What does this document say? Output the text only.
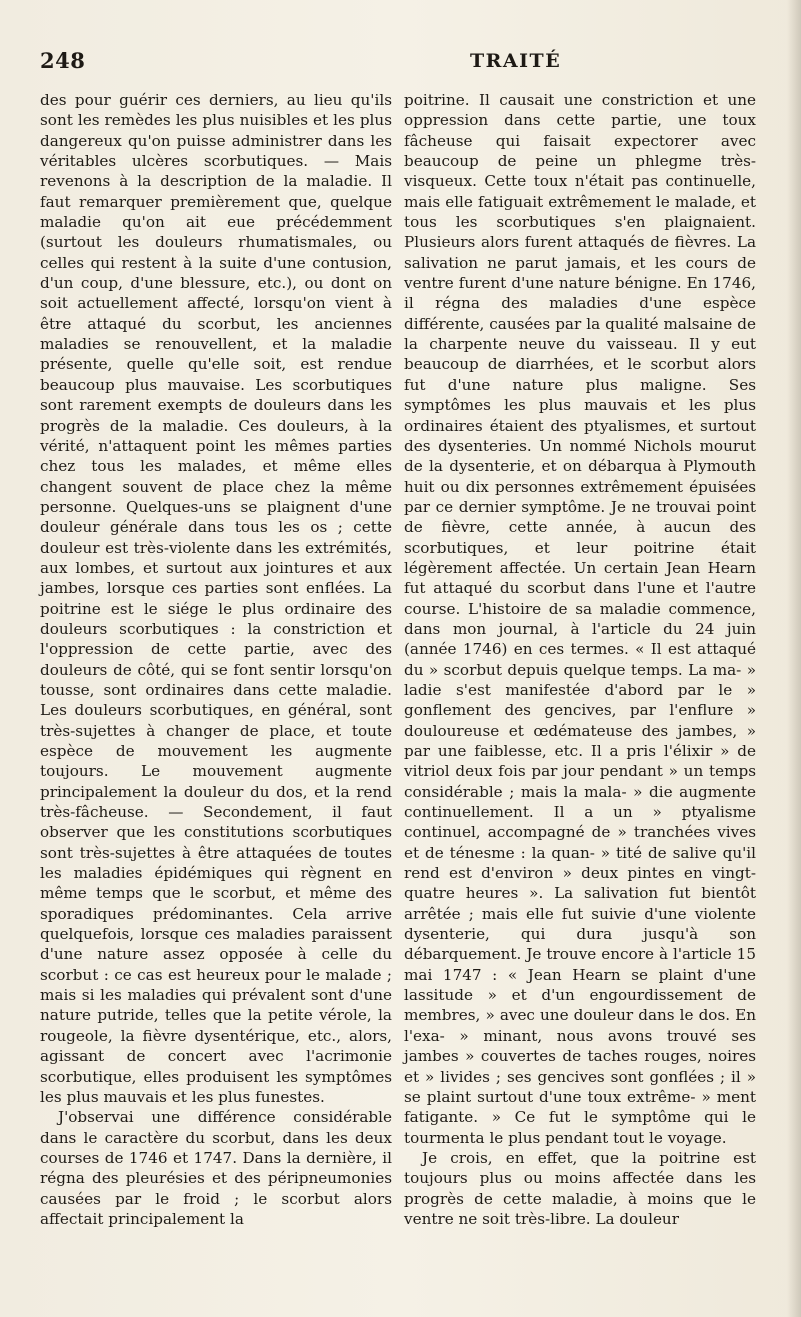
248	TRAITÉ

des pour guérir ces derniers, au lieu qu'ils sont les remèdes les plus nuisibles et les plus dangereux qu'on puisse administrer dans les véritables ulcères scorbutiques. — Mais revenons à la description de la maladie. Il faut remarquer premièrement que, quelque maladie qu'on ait eue précédemment (surtout les douleurs rhumatismales, ou celles qui restent à la suite d'une contusion, d'un coup, d'une blessure, etc.), ou dont on soit actuellement affecté, lorsqu'on vient à être attaqué du scorbut, les anciennes maladies se renouvellent, et la maladie présente, quelle qu'elle soit, est rendue beaucoup plus mauvaise. Les scorbutiques sont rarement exempts de douleurs dans les progrès de la maladie. Ces douleurs, à la vérité, n'attaquent point les mêmes parties chez tous les malades, et même elles changent souvent de place chez la même personne. Quelques-uns se plaignent d'une douleur générale dans tous les os ; cette douleur est très-violente dans les extrémités, aux lombes, et surtout aux jointures et aux jambes, lorsque ces parties sont enflées. La poitrine est le siége le plus ordinaire des douleurs scorbutiques : la constriction et l'oppression de cette partie, avec des douleurs de côté, qui se font sentir lorsqu'on tousse, sont ordinaires dans cette maladie. Les douleurs scorbutiques, en général, sont très-sujettes à changer de place, et toute espèce de mouvement les augmente toujours. Le mouvement augmente principalement la douleur du dos, et la rend très-fâcheuse. — Secondement, il faut observer que les constitutions scorbutiques sont très-sujettes à être attaquées de toutes les maladies épidémiques qui règnent en même temps que le scorbut, et même des sporadiques prédominantes. Cela arrive quelquefois, lorsque ces maladies paraissent d'une nature assez opposée à celle du scorbut : ce cas est heureux pour le malade ; mais si les maladies qui prévalent sont d'une nature putride, telles que la petite vérole, la rougeole, la fièvre dysentérique, etc., alors, agissant de concert avec l'acrimonie scorbutique, elles produisent les symptômes les plus mauvais et les plus funestes.

J'observai une différence considérable dans le caractère du scorbut, dans les deux courses de 1746 et 1747. Dans la dernière, il régna des pleurésies et des péripneumonies causées par le froid ; le scorbut alors affectait principalement la

poitrine. Il causait une constriction et une oppression dans cette partie, une toux fâcheuse qui faisait expectorer avec beaucoup de peine un phlegme très-visqueux. Cette toux n'était pas continuelle, mais elle fatiguait extrêmement le malade, et tous les scorbutiques s'en plaignaient. Plusieurs alors furent attaqués de fièvres. La salivation ne parut jamais, et les cours de ventre furent d'une nature bénigne. En 1746, il régna des maladies d'une espèce différente, causées par la qualité malsaine de la charpente neuve du vaisseau. Il y eut beaucoup de diarrhées, et le scorbut alors fut d'une nature plus maligne. Ses symptômes les plus mauvais et les plus ordinaires étaient des ptyalismes, et surtout des dysenteries. Un nommé Nichols mourut de la dysenterie, et on débarqua à Plymouth huit ou dix personnes extrêmement épuisées par ce dernier symptôme. Je ne trouvai point de fièvre, cette année, à aucun des scorbutiques, et leur poitrine était légèrement affectée. Un certain Jean Hearn fut attaqué du scorbut dans l'une et l'autre course. L'histoire de sa maladie commence, dans mon journal, à l'article du 24 juin (année 1746) en ces termes. « Il est attaqué du » scorbut depuis quelque temps. La ma- » ladie s'est manifestée d'abord par le » gonflement des gencives, par l'enflure » douloureuse et œdémateuse des jambes, » par une faiblesse, etc. Il a pris l'élixir » de vitriol deux fois par jour pendant » un temps considérable ; mais la mala- » die augmente continuellement. Il a un » ptyalisme continuel, accompagné de » tranchées vives et de ténesme : la quan- » tité de salive qu'il rend est d'environ » deux pintes en vingt-quatre heures ». La salivation fut bientôt arrêtée ; mais elle fut suivie d'une violente dysenterie, qui dura jusqu'à son débarquement. Je trouve encore à l'article 15 mai 1747 : « Jean Hearn se plaint d'une lassitude » et d'un engourdissement de membres, » avec une douleur dans le dos. En l'exa- » minant, nous avons trouvé ses jambes » couvertes de taches rouges, noires et » livides ; ses gencives sont gonflées ; il » se plaint surtout d'une toux extrême- » ment fatigante. » Ce fut le symptôme qui le tourmenta le plus pendant tout le voyage.

Je crois, en effet, que la poitrine est toujours plus ou moins affectée dans les progrès de cette maladie, à moins que le ventre ne soit très-libre. La douleur
